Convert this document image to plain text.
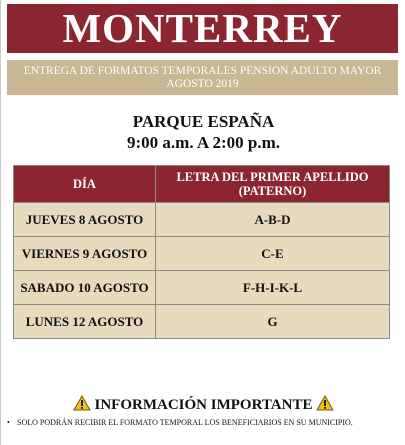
MONTERREY
ENTREGA DE FORMATOS TEMPORALES PENSION ADULTO MAYOR AGOSTO 2019
PARQUE ESPAÑA
9:00 a.m. A 2:00 p.m.
DÍA	LETRA DEL PRIMER APELLIDO (PATERNO)
JUEVES 8 AGOSTO	A-B-D
VIERNES 9 AGOSTO	C-E
SABADO 10 AGOSTO	F-H-I-K-L
LUNES 12 AGOSTO	G
INFORMACIÓN IMPORTANTE
• SOLO PODRÁN RECIBIR EL FORMATO TEMPORAL LOS BENEFICIARIOS EN SU MUNICIPIO.
